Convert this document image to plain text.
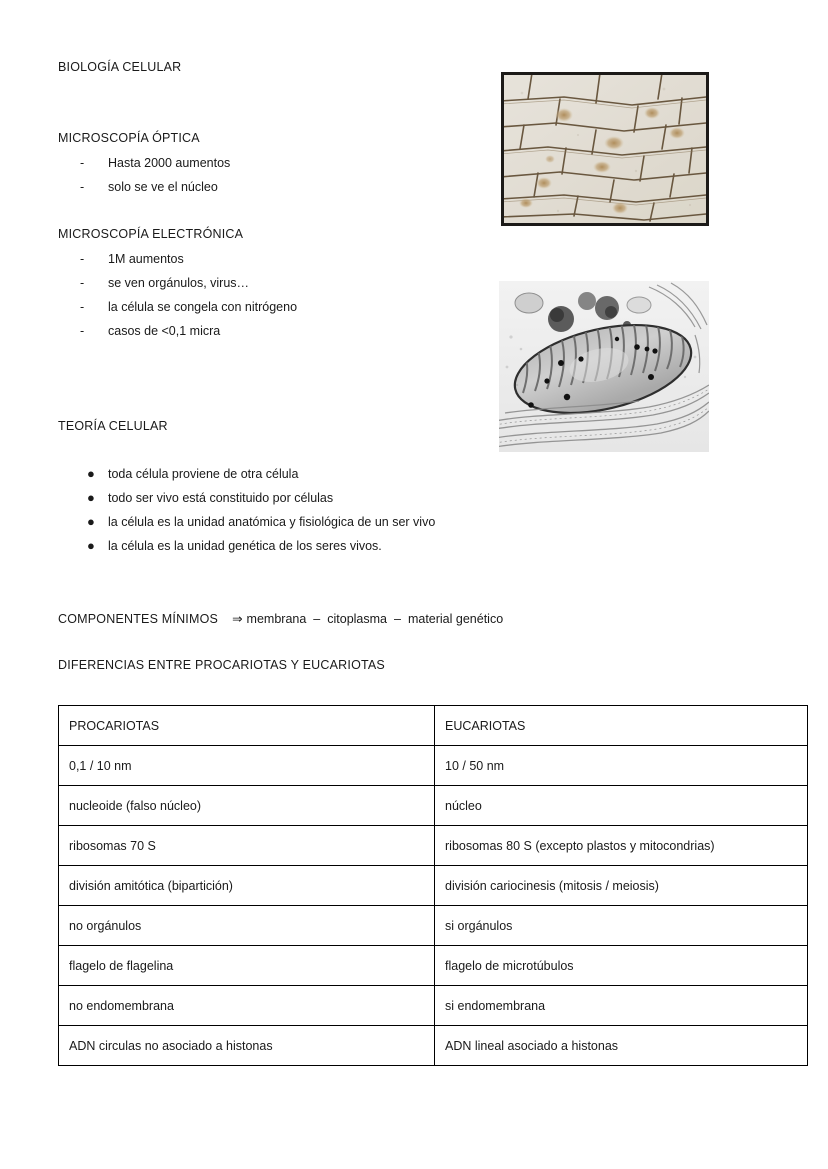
BIOLOGÍA CELULAR
MICROSCOPÍA ÓPTICA
-	Hasta 2000 aumentos
-	solo se ve el núcleo
MICROSCOPÍA ELECTRÓNICA
-	1M aumentos
-	se ven orgánulos, virus…
-	la célula se congela con nitrógeno
-	casos de <0,1 micra
TEORÍA CELULAR
●	toda célula proviene de otra célula
●	todo ser vivo está constituido por células
●	la célula es la unidad anatómica y fisiológica de un ser vivo
●	la célula es la unidad genética de los seres vivos.
COMPONENTES MÍNIMOS ⇒ membrana – citoplasma – material genético
DIFERENCIAS ENTRE PROCARIOTAS Y EUCARIOTAS
PROCARIOTAS	EUCARIOTAS
0,1 / 10 nm	10 / 50 nm
nucleoide (falso núcleo)	núcleo
ribosomas 70 S	ribosomas 80 S (excepto plastos y mitocondrias)
división amitótica (bipartición)	división cariocinesis (mitosis / meiosis)
no orgánulos	si orgánulos
flagelo de flagelina	flagelo de microtúbulos
no endomembrana	si endomembrana
ADN circulas no asociado a histonas	ADN lineal asociado a histonas
